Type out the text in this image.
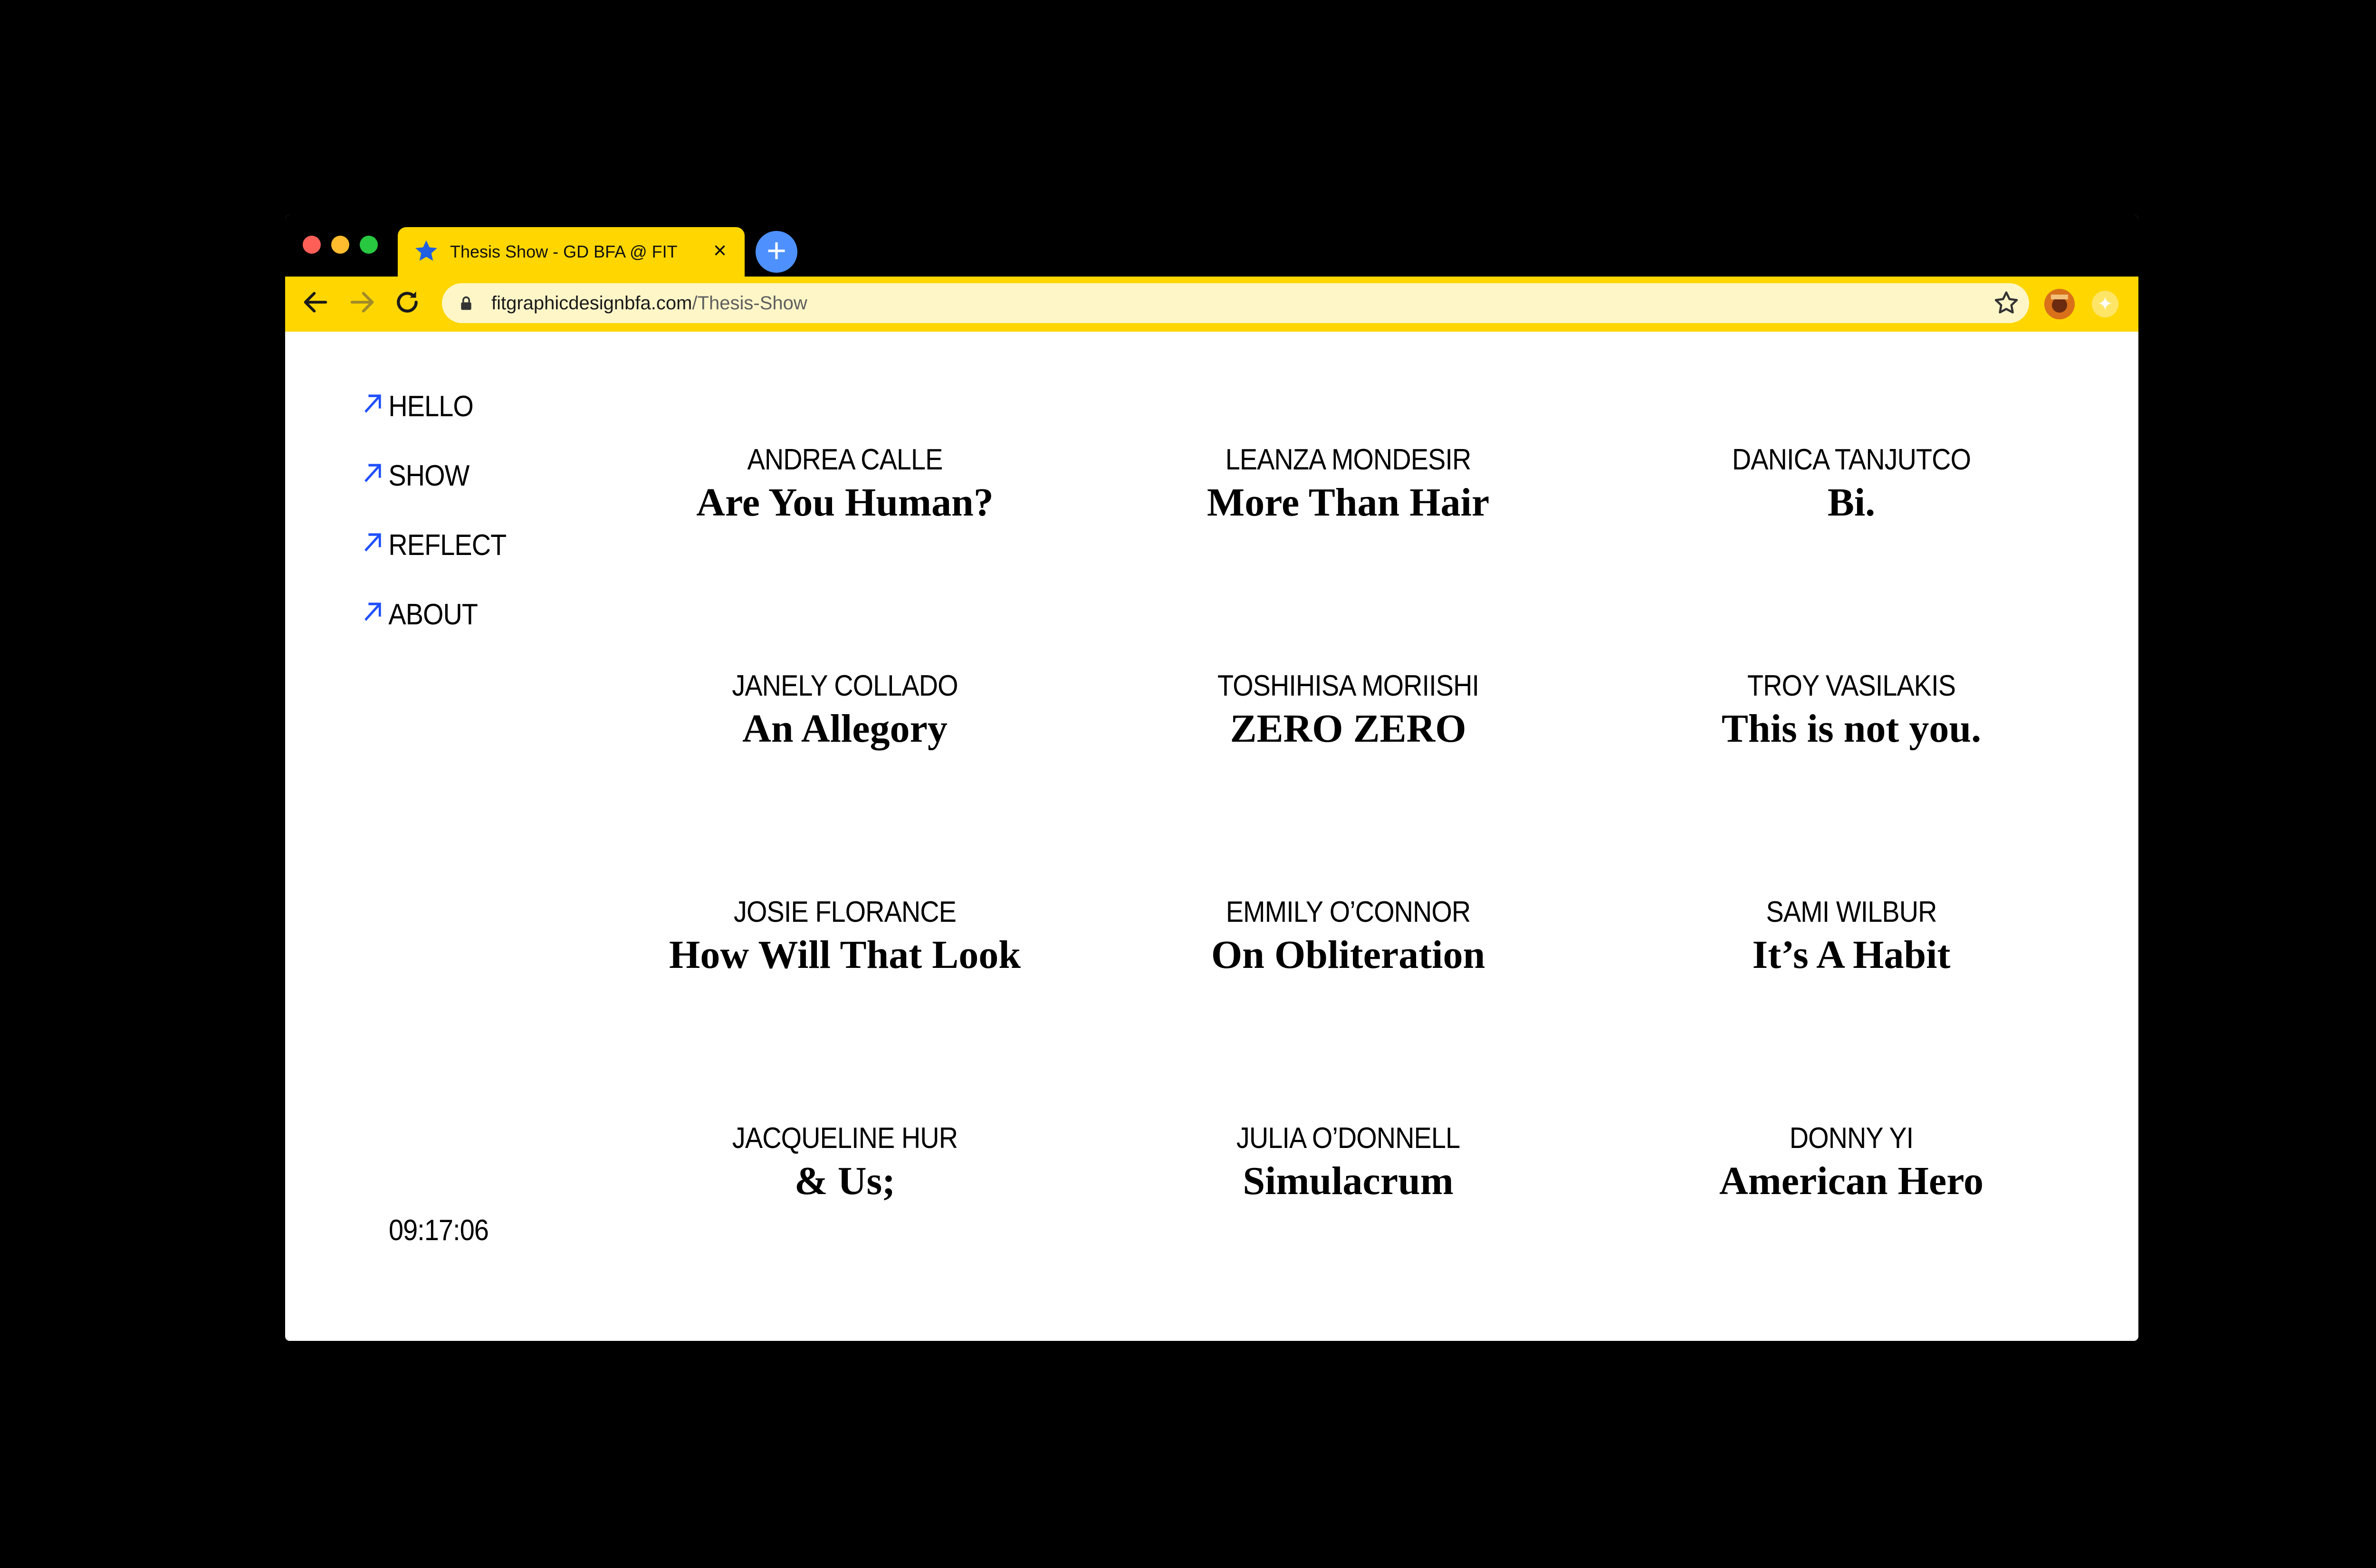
Thesis Show - GD BFA @ FIT	×	+
fitgraphicdesignbfa.com/Thesis-Show	✦
HELLO
SHOW
REFLECT
ABOUT
ANDREA CALLE
Are You Human?
LEANZA MONDESIR
More Than Hair
DANICA TANJUTCO
Bi.
JANELY COLLADO
An Allegory
TOSHIHISA MORIISHI
ZERO ZERO
TROY VASILAKIS
This is not you.
JOSIE FLORANCE
How Will That Look
EMMILY O’CONNOR
On Obliteration
SAMI WILBUR
It’s A Habit
JACQUELINE HUR
& Us;
JULIA O’DONNELL
Simulacrum
DONNY YI
American Hero
09:17:06
